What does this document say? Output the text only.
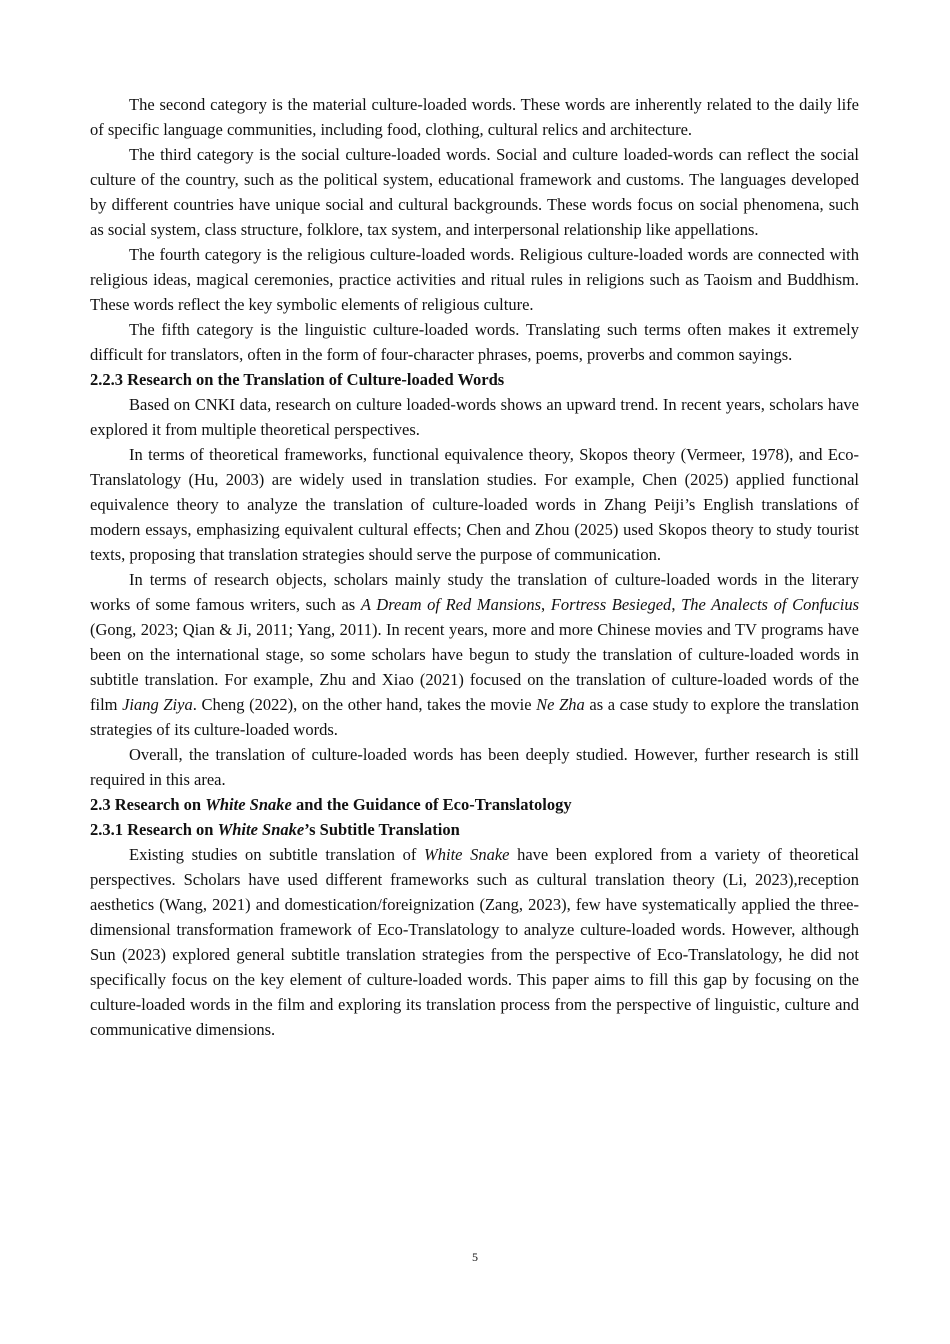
The second category is the material culture-loaded words. These words are inherently related to the daily life of specific language communities, including food, clothing, cultural relics and architecture.

The third category is the social culture-loaded words. Social and culture loaded-words can reflect the social culture of the country, such as the political system, educational framework and customs. The languages developed by different countries have unique social and cultural backgrounds. These words focus on social phenomena, such as social system, class structure, folklore, tax system, and interpersonal relationship like appellations.

The fourth category is the religious culture-loaded words. Religious culture-loaded words are connected with religious ideas, magical ceremonies, practice activities and ritual rules in religions such as Taoism and Buddhism. These words reflect the key symbolic elements of religious culture.

The fifth category is the linguistic culture-loaded words. Translating such terms often makes it extremely difficult for translators, often in the form of four-character phrases, poems, proverbs and common sayings.

2.2.3 Research on the Translation of Culture-loaded Words

Based on CNKI data, research on culture loaded-words shows an upward trend. In recent years, scholars have explored it from multiple theoretical perspectives.

In terms of theoretical frameworks, functional equivalence theory, Skopos theory (Vermeer, 1978), and Eco-Translatology (Hu, 2003) are widely used in translation studies. For example, Chen (2025) applied functional equivalence theory to analyze the translation of culture-loaded words in Zhang Peiji’s English translations of modern essays, emphasizing equivalent cultural effects; Chen and Zhou (2025) used Skopos theory to study tourist texts, proposing that translation strategies should serve the purpose of communication.

In terms of research objects, scholars mainly study the translation of culture-loaded words in the literary works of some famous writers, such as A Dream of Red Mansions, Fortress Besieged, The Analects of Confucius (Gong, 2023; Qian & Ji, 2011; Yang, 2011). In recent years, more and more Chinese movies and TV programs have been on the international stage, so some scholars have begun to study the translation of culture-loaded words in subtitle translation. For example, Zhu and Xiao (2021) focused on the translation of culture-loaded words of the film Jiang Ziya. Cheng (2022), on the other hand, takes the movie Ne Zha as a case study to explore the translation strategies of its culture-loaded words.

Overall, the translation of culture-loaded words has been deeply studied. However, further research is still required in this area.

2.3 Research on White Snake and the Guidance of Eco-Translatology
2.3.1 Research on White Snake’s Subtitle Translation

Existing studies on subtitle translation of White Snake have been explored from a variety of theoretical perspectives. Scholars have used different frameworks such as cultural translation theory (Li, 2023),reception aesthetics (Wang, 2021) and domestication/foreignization (Zang, 2023), few have systematically applied the three-dimensional transformation framework of Eco-Translatology to analyze culture-loaded words. However, although Sun (2023) explored general subtitle translation strategies from the perspective of Eco-Translatology, he did not specifically focus on the key element of culture-loaded words. This paper aims to fill this gap by focusing on the culture-loaded words in the film and exploring its translation process from the perspective of linguistic, culture and communicative dimensions.

5
